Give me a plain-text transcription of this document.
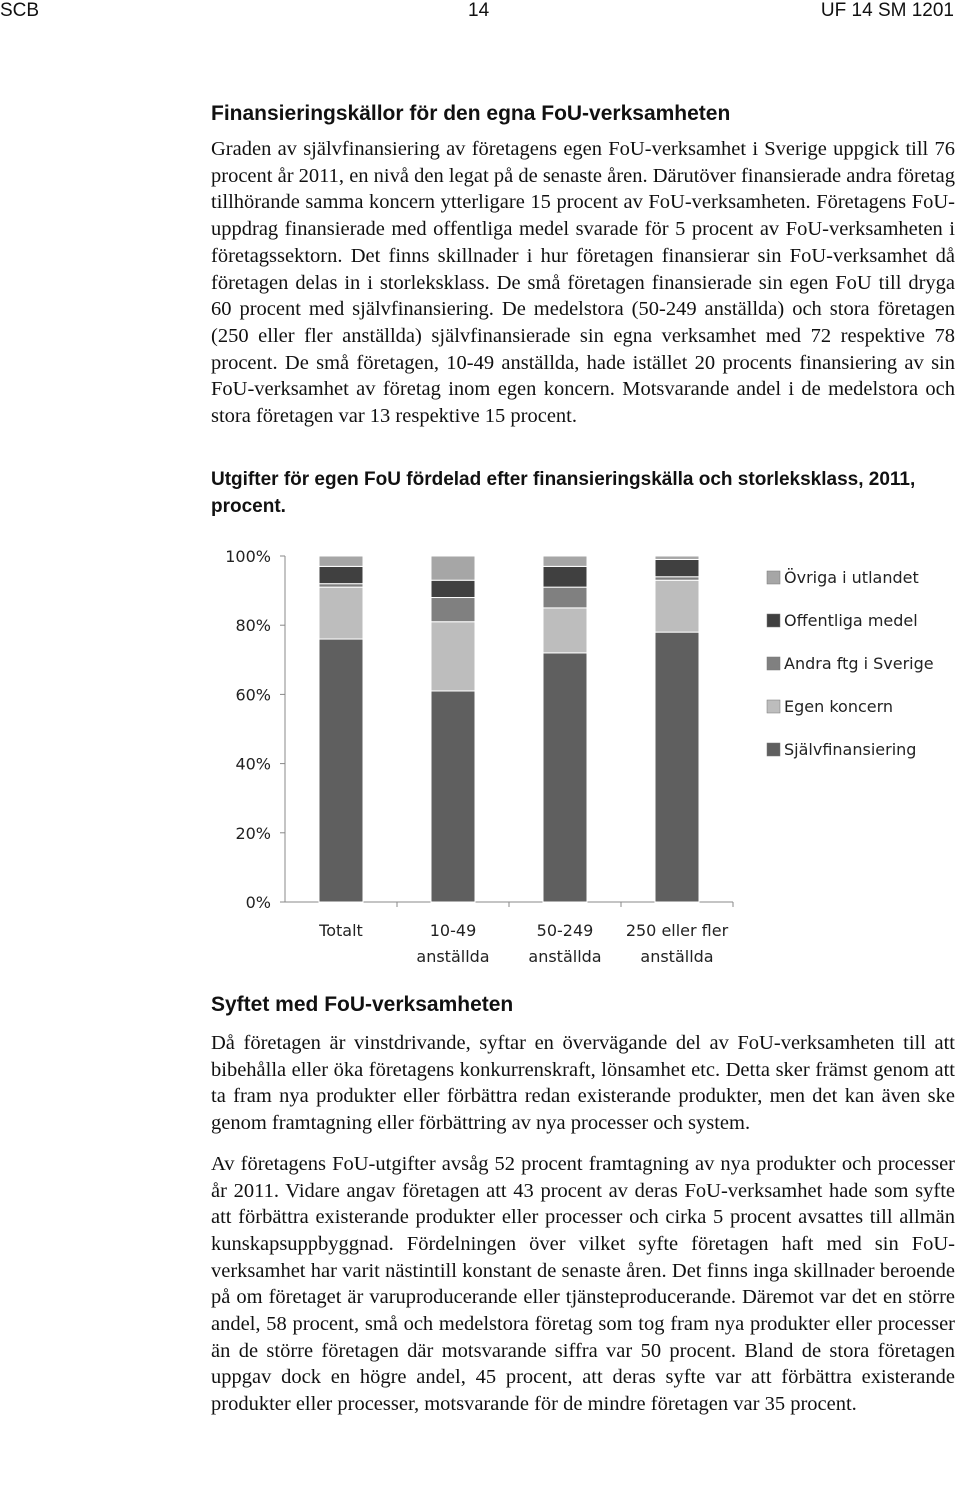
SCB	14	UF 14 SM 1201
Finansieringskällor för den egna FoU-verksamheten

Graden av självfinansiering av företagens egen FoU-verksamhet i Sverige uppgick till 76 procent år 2011, en nivå den legat på de senaste åren. Därutöver finansierade andra företag tillhörande samma koncern ytterligare 15 procent av FoU-verksamheten. Företagens FoU-uppdrag finansierade med offentliga medel svarade för 5 procent av FoU-verksamheten i företagssektorn. Det finns skillnader i hur företagen finansierar sin FoU-verksamhet då företagen delas in i storleksklass. De små företagen finansierade sin egen FoU till dryga 60 procent med självfinansiering. De medelstora (50-249 anställda) och stora företagen (250 eller fler anställda) självfinansierade sin egna verksamhet med 72 respektive 78 procent. De små företagen, 10-49 anställda, hade istället 20 procents finansiering av sin FoU-verksamhet av företag inom egen koncern. Motsvarande andel i de medelstora och stora företagen var 13 respektive 15 procent.

Utgifter för egen FoU fördelad efter finansieringskälla och storleksklass, 2011, procent.
0%
20%
40%
60%
80%
100%
Totalt	10-49
anställda
50-249
anställda
250 eller fler
anställda
Övriga i utlandet
Offentliga medel
Andra ftg i Sverige
Egen koncern
Självfinansiering
Syftet med FoU-verksamheten

Då företagen är vinstdrivande, syftar en övervägande del av FoU-verksamheten till att bibehålla eller öka företagens konkurrenskraft, lönsamhet etc. Detta sker främst genom att ta fram nya produkter eller förbättra redan existerande produkter, men det kan även ske genom framtagning eller förbättring av nya processer och system.

Av företagens FoU-utgifter avsåg 52 procent framtagning av nya produkter och processer år 2011. Vidare angav företagen att 43 procent av deras FoU-verksamhet hade som syfte att förbättra existerande produkter eller processer och cirka 5 procent avsattes till allmän kunskapsuppbyggnad. Fördelningen över vilket syfte företagen haft med sin FoU-verksamhet har varit nästintill konstant de senaste åren. Det finns inga skillnader beroende på om företaget är varuproducerande eller tjänsteproducerande. Däremot var det en större andel, 58 procent, små och medelstora företag som tog fram nya produkter eller processer än de större företagen där motsvarande siffra var 50 procent. Bland de stora företagen uppgav dock en högre andel, 45 procent, att deras syfte var att förbättra existerande produkter eller processer, motsvarande för de mindre företagen var 35 procent.
